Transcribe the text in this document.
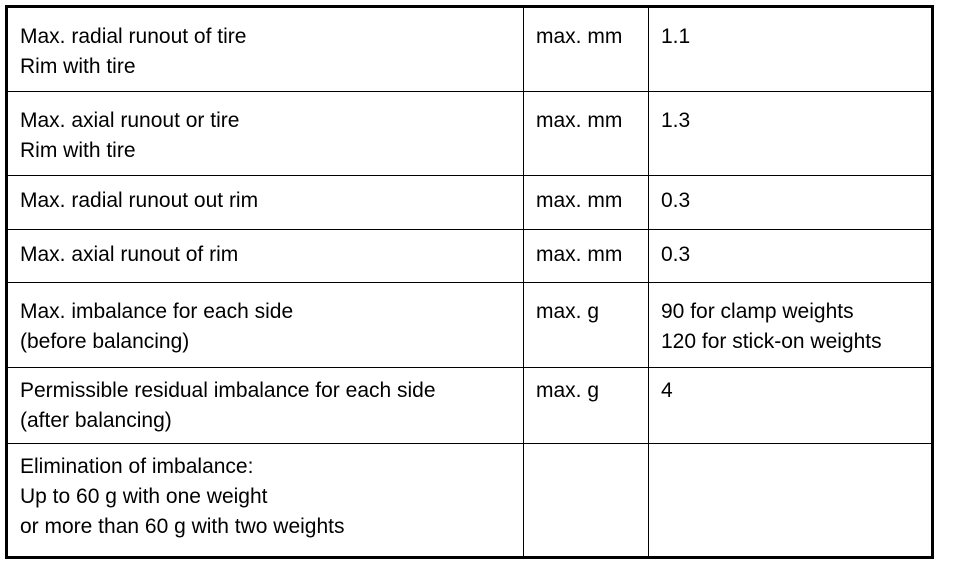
Max. radial runout of tire
Rim with tire	max. mm	1.1

Max. axial runout or tire
Rim with tire	max. mm	1.3

Max. radial runout out rim	max. mm	0.3

Max. axial runout of rim	max. mm	0.3

Max. imbalance for each side
(before balancing)	max. g	90 for clamp weights
120 for stick-on weights

Permissible residual imbalance for each side
(after balancing)	max. g	4

Elimination of imbalance:
Up to 60 g with one weight
or more than 60 g with two weights		
